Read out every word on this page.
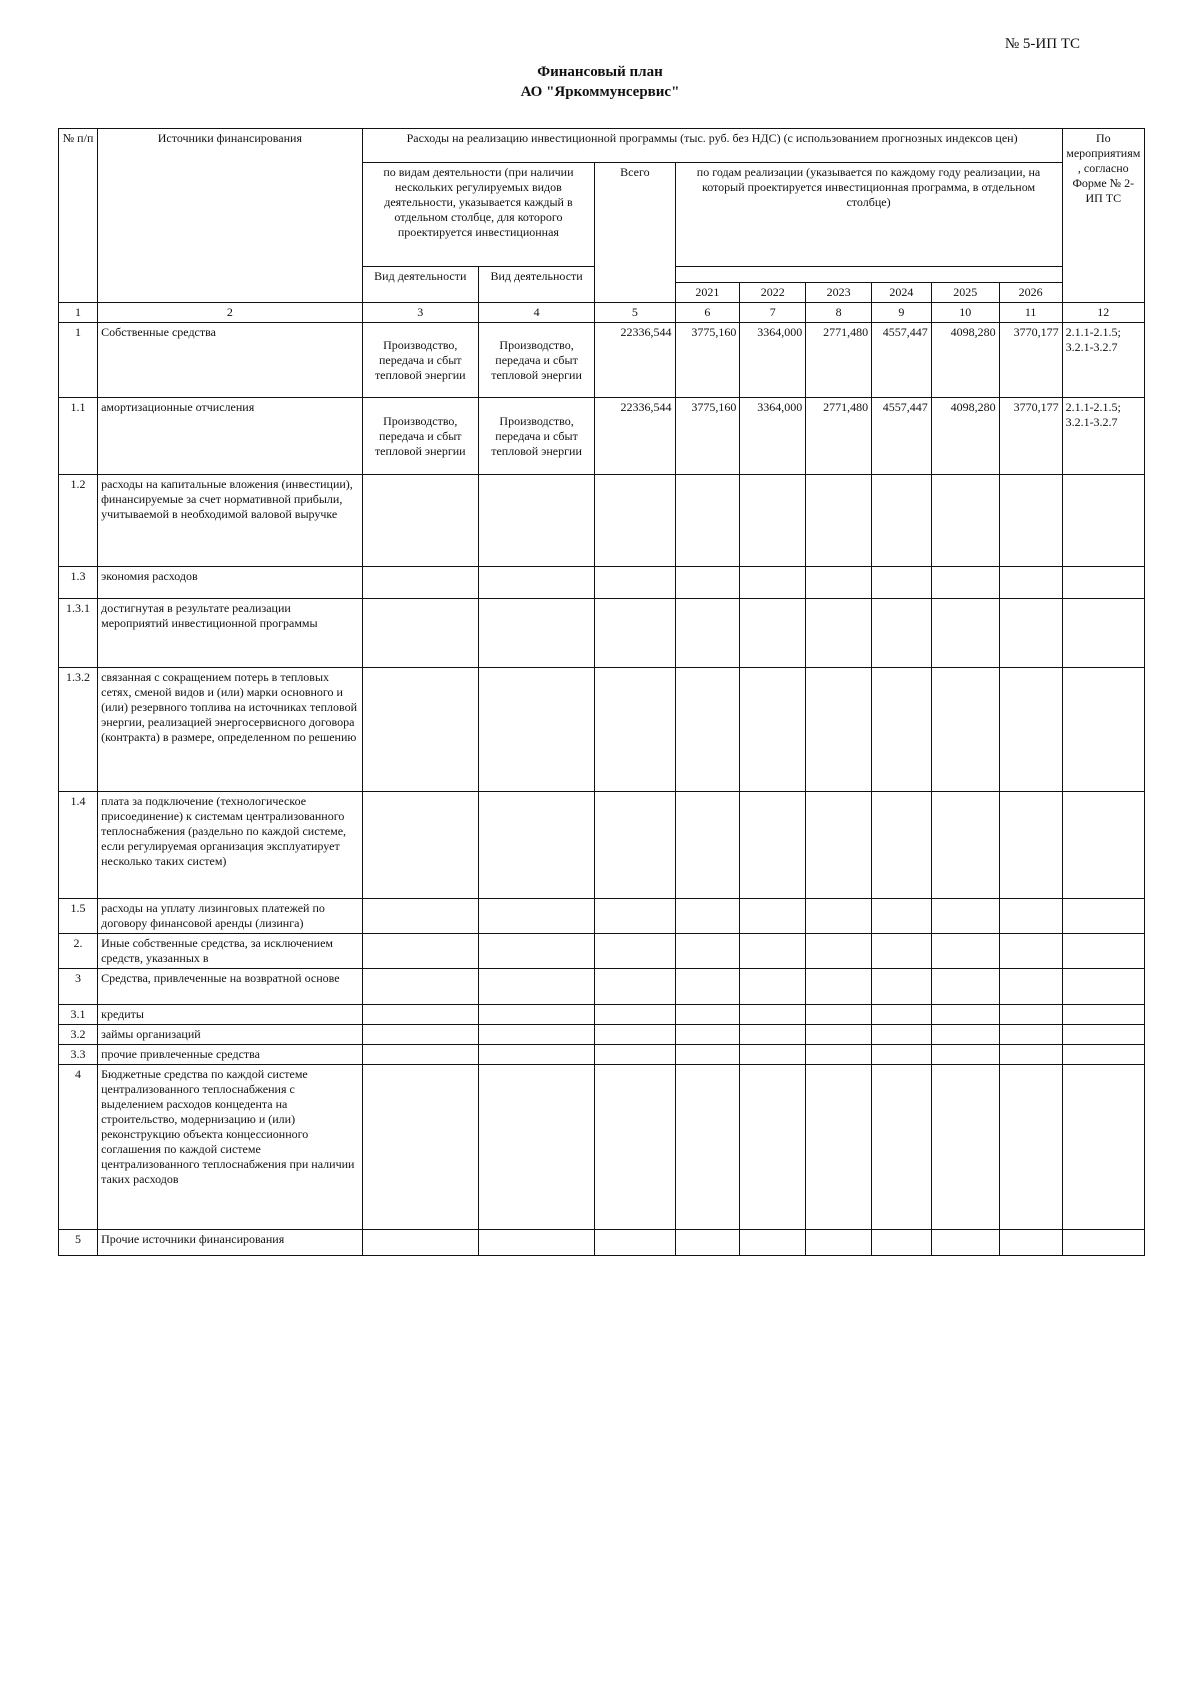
№ 5-ИП ТС
Финансовый план
АО "Яркоммунсервис"
№ п/п	Источники финансирования	Расходы на реализацию инвестиционной программы (тыс. руб. без НДС) (с использованием прогнозных индексов цен)									По мероприятиям, согласно Форме № 2-ИП ТС
		по видам деятельности (при наличии нескольких регулируемых видов деятельности, указывается каждый в отдельном столбце, для которого проектируется инвестиционная		Всего	по годам реализации (указывается по каждому году реализации, на который проектируется инвестиционная программа, в отдельном столбце)						
		Вид деятельности	Вид деятельности								
					2021	2022	2023	2024	2025	2026	

1	2	3	4	5	6	7	8	9	10	11	12
1	Собственные средства	Производство, передача и сбыт тепловой энергии	Производство, передача и сбыт тепловой энергии	22336,544	3775,160	3364,000	2771,480	4557,447	4098,280	3770,177	2.1.1-2.1.5; 3.2.1-3.2.7
1.1	амортизационные отчисления	Производство, передача и сбыт тепловой энергии	Производство, передача и сбыт тепловой энергии	22336,544	3775,160	3364,000	2771,480	4557,447	4098,280	3770,177	2.1.1-2.1.5; 3.2.1-3.2.7
1.2	расходы на капитальные вложения (инвестиции), финансируемые за счет нормативной прибыли, учитываемой в необходимой валовой выручке										
1.3	экономия расходов										
1.3.1	достигнутая в результате реализации мероприятий инвестиционной программы										
1.3.2	связанная с сокращением потерь в тепловых сетях, сменой видов и (или) марки основного и (или) резервного топлива на источниках тепловой энергии, реализацией энергосервисного договора (контракта) в размере, определенном по решению										
1.4	плата за подключение (технологическое присоединение) к системам централизованного теплоснабжения (раздельно по каждой системе, если регулируемая организация эксплуатирует несколько таких систем)										
1.5	расходы на уплату лизинговых платежей по договору финансовой аренды (лизинга)										
2.	Иные собственные средства, за исключением средств, указанных в										
3	Средства, привлеченные на возвратной основе										
3.1	кредиты										
3.2	займы организаций										
3.3	прочие привлеченные средства										
4	Бюджетные средства по каждой системе централизованного теплоснабжения с выделением расходов концедента на строительство, модернизацию и (или) реконструкцию объекта концессионного соглашения по каждой системе централизованного теплоснабжения при наличии таких расходов										
5	Прочие источники финансирования										
